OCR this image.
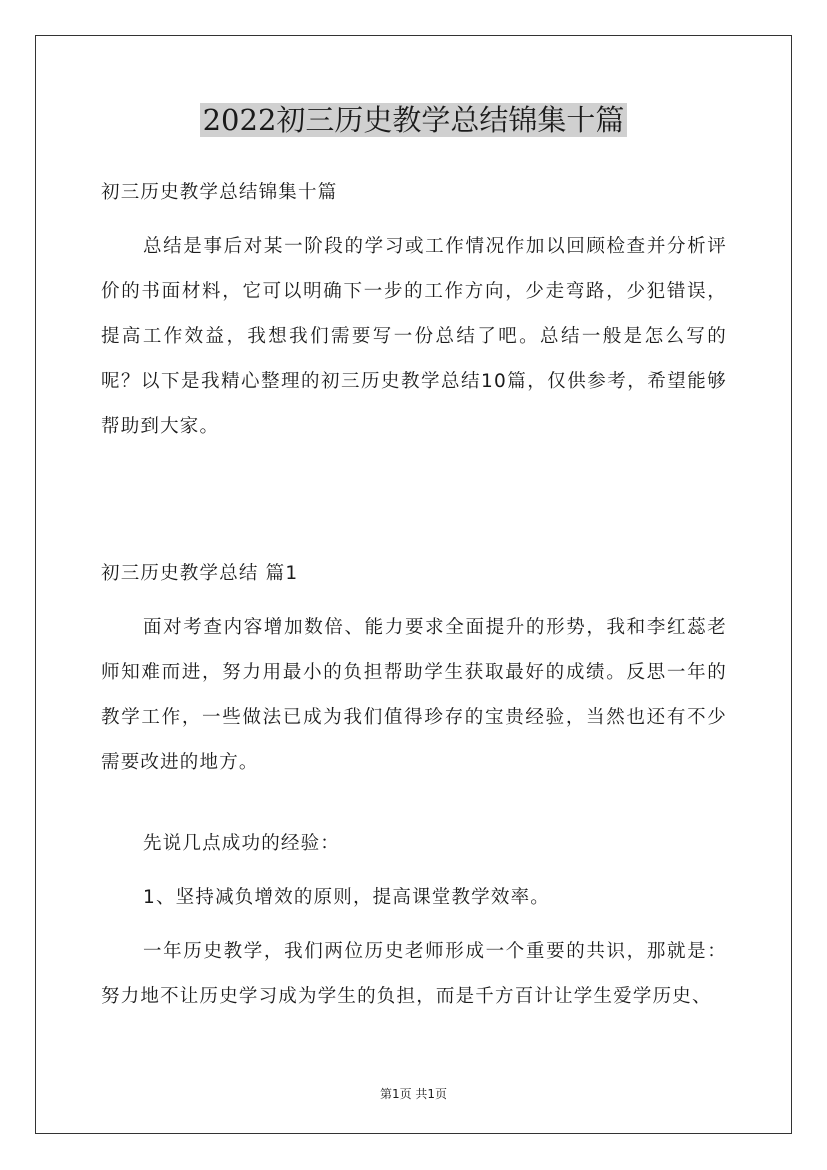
2022初三历史教学总结锦集十篇

初三历史教学总结锦集十篇

总结是事后对某一阶段的学习或工作情况作加以回顾检查并分析评价的书面材料，它可以明确下一步的工作方向，少走弯路，少犯错误，提高工作效益，我想我们需要写一份总结了吧。总结一般是怎么写的呢？以下是我精心整理的初三历史教学总结10篇，仅供参考，希望能够帮助到大家。

初三历史教学总结 篇1

面对考查内容增加数倍、能力要求全面提升的形势，我和李红蕊老师知难而进，努力用最小的负担帮助学生获取最好的成绩。反思一年的教学工作，一些做法已成为我们值得珍存的宝贵经验，当然也还有不少需要改进的地方。

先说几点成功的经验：

1、坚持减负增效的原则，提高课堂教学效率。

一年历史教学，我们两位历史老师形成一个重要的共识，那就是：努力地不让历史学习成为学生的负担，而是千方百计让学生爱学历史、

第1页 共1页
